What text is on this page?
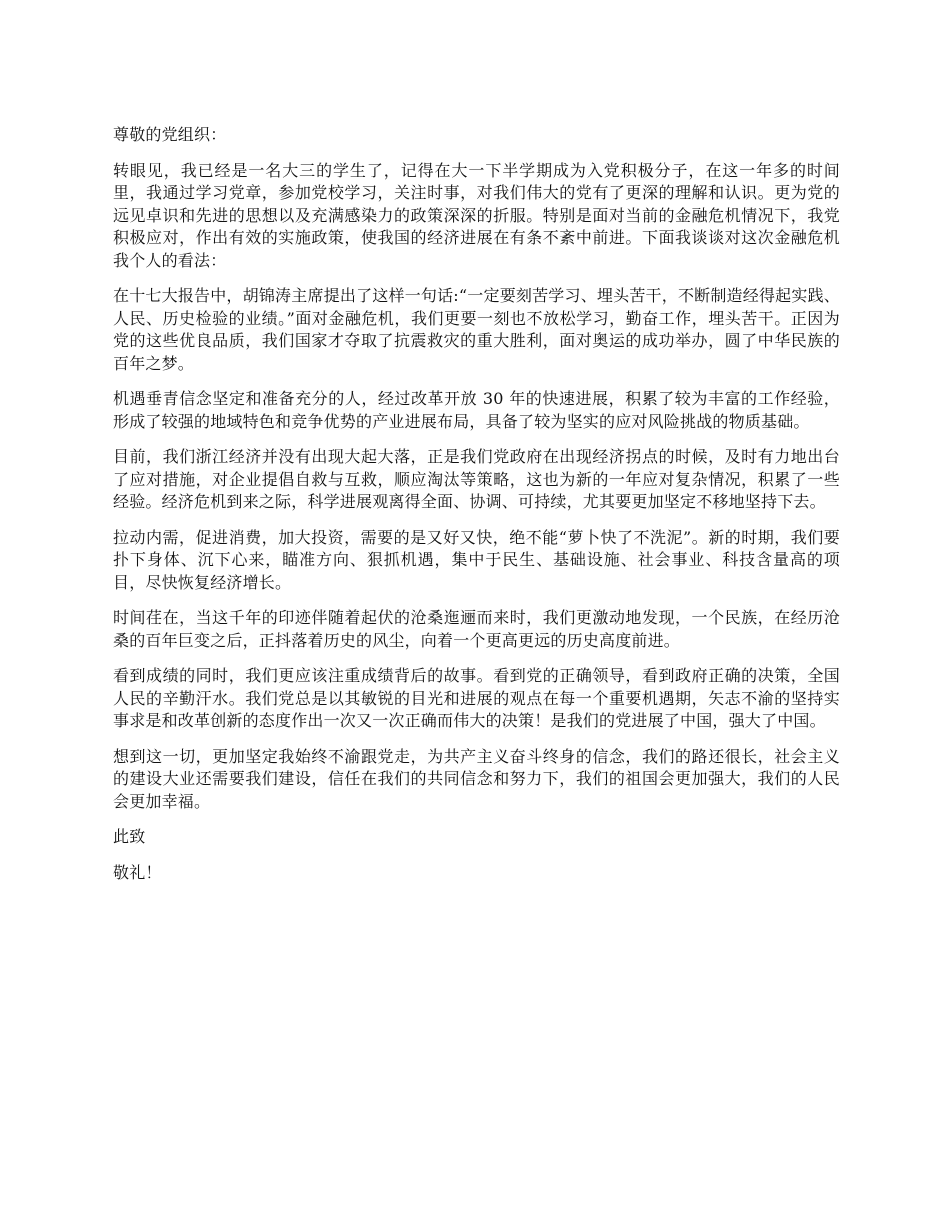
尊敬的党组织：

转眼见，我已经是一名大三的学生了，记得在大一下半学期成为入党积极分子，在这一年多的时间里，我通过学习党章，参加党校学习，关注时事，对我们伟大的党有了更深的理解和认识。更为党的远见卓识和先进的思想以及充满感染力的政策深深的折服。特别是面对当前的金融危机情况下，我党积极应对，作出有效的实施政策，使我国的经济进展在有条不紊中前进。下面我谈谈对这次金融危机我个人的看法：

在十七大报告中，胡锦涛主席提出了这样一句话:“一定要刻苦学习、埋头苦干，不断制造经得起实践、人民、历史检验的业绩。”面对金融危机，我们更要一刻也不放松学习，勤奋工作，埋头苦干。正因为党的这些优良品质，我们国家才夺取了抗震救灾的重大胜利，面对奥运的成功举办，圆了中华民族的百年之梦。

机遇垂青信念坚定和准备充分的人，经过改革开放 30 年的快速进展，积累了较为丰富的工作经验，形成了较强的地域特色和竞争优势的产业进展布局，具备了较为坚实的应对风险挑战的物质基础。

目前，我们浙江经济并没有出现大起大落，正是我们党政府在出现经济拐点的时候，及时有力地出台了应对措施，对企业提倡自救与互救，顺应淘汰等策略，这也为新的一年应对复杂情况，积累了一些经验。经济危机到来之际，科学进展观离得全面、协调、可持续，尤其要更加坚定不移地坚持下去。

拉动内需，促进消费，加大投资，需要的是又好又快，绝不能“萝卜快了不洗泥”。新的时期，我们要扑下身体、沉下心来，瞄准方向、狠抓机遇，集中于民生、基础设施、社会事业、科技含量高的项目，尽快恢复经济增长。

时间荏在，当这千年的印迹伴随着起伏的沧桑迤逦而来时，我们更激动地发现，一个民族，在经历沧桑的百年巨变之后，正抖落着历史的风尘，向着一个更高更远的历史高度前进。

看到成绩的同时，我们更应该注重成绩背后的故事。看到党的正确领导，看到政府正确的决策，全国人民的辛勤汗水。我们党总是以其敏锐的目光和进展的观点在每一个重要机遇期，矢志不渝的坚持实事求是和改革创新的态度作出一次又一次正确而伟大的决策！是我们的党进展了中国，强大了中国。

想到这一切，更加坚定我始终不渝跟党走，为共产主义奋斗终身的信念，我们的路还很长，社会主义的建设大业还需要我们建设，信任在我们的共同信念和努力下，我们的祖国会更加强大，我们的人民会更加幸福。

此致

敬礼！
